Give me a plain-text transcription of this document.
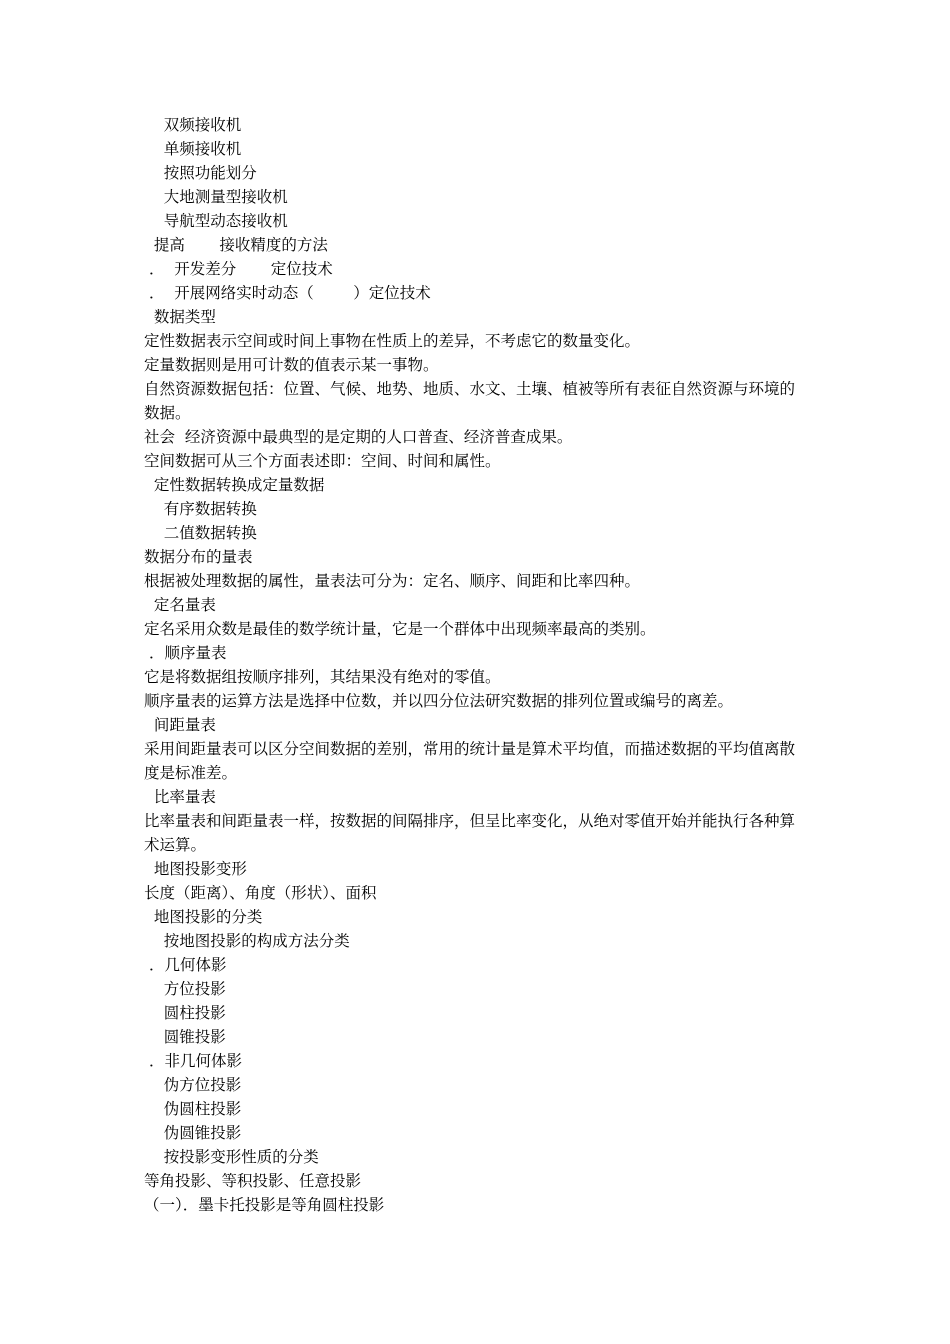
双频接收机

单频接收机

按照功能划分

大地测量型接收机

导航型动态接收机

提高       接收精度的方法

．  开发差分       定位技术

．  开展网络实时动态（        ）定位技术

数据类型

定性数据表示空间或时间上事物在性质上的差异，不考虑它的数量变化。

定量数据则是用可计数的值表示某一事物。

自然资源数据包括：位置、气候、地势、地质、水文、土壤、植被等所有表征自然资源与环境的数据。

社会  经济资源中最典型的是定期的人口普查、经济普查成果。

空间数据可从三个方面表述即：空间、时间和属性。

定性数据转换成定量数据

有序数据转换

二值数据转换

数据分布的量表

根据被处理数据的属性，量表法可分为：定名、顺序、间距和比率四种。

定名量表

定名采用众数是最佳的数学统计量，它是一个群体中出现频率最高的类别。

．顺序量表

它是将数据组按顺序排列，其结果没有绝对的零值。

顺序量表的运算方法是选择中位数，并以四分位法研究数据的排列位置或编号的离差。

间距量表

采用间距量表可以区分空间数据的差别，常用的统计量是算术平均值，而描述数据的平均值离散度是标准差。

比率量表

比率量表和间距量表一样，按数据的间隔排序，但呈比率变化，从绝对零值开始并能执行各种算术运算。

地图投影变形

长度（距离）、角度（形状）、面积

地图投影的分类

按地图投影的构成方法分类

．几何体影

方位投影

圆柱投影

圆锥投影

．非几何体影

伪方位投影

伪圆柱投影

伪圆锥投影

按投影变形性质的分类

等角投影、等积投影、任意投影

（一）．墨卡托投影是等角圆柱投影
